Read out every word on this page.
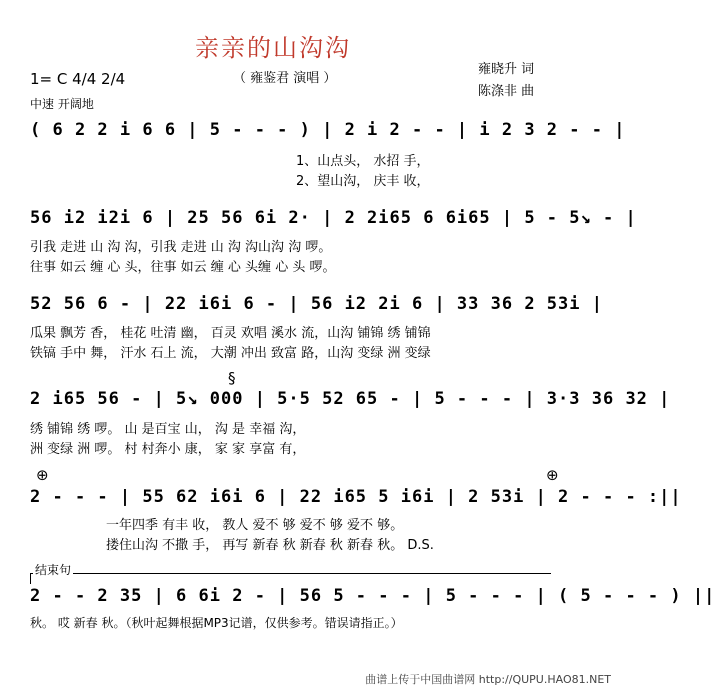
亲亲的山沟沟
（ 雍鉴君 演唱 ）
雍晓升 词
陈涤非 曲
1= C 4/4 2/4
中速 开阔地
( 6 2 2 i 6 6 | 5 - - - ) | 2 i 2 - - | i 2 3 2 - - |
1、山点头， 水招 手，
2、望山沟， 庆丰 收，
56 i2 i2i 6 | 25 56 6i 2· | 2 2i65 6 6i65 | 5 - 5↘ - |
引我 走进 山 沟 沟，引我 走进 山 沟 沟山沟 沟 啰。
往事 如云 缠 心 头，往事 如云 缠 心 头缠 心 头 啰。
52 56 6 - | 22 i6i 6 - | 56 i2 2i 6 | 33 36 2 53i |
瓜果 飘芳 香， 桂花 吐清 幽， 百灵 欢唱 溪水 流，山沟 铺锦 绣 铺锦
铁镐 手中 舞， 汗水 石上 流， 大潮 冲出 致富 路，山沟 变绿 洲 变绿
§
2 i65 56 - | 5↘ 000 | 5·5 52 65 - | 5 - - - | 3·3 36 32 |
绣 铺锦 绣 啰。 山 是百宝 山， 沟 是 幸福 沟，
洲 变绿 洲 啰。 村 村奔小 康， 家 家 享富 有，
⊕	⊕
2 - - - | 55 62 i6i 6 | 22 i65 5 i6i | 2 53i | 2 - - - :||
一年四季 有丰 收， 教人 爱不 够 爱不 够 爱不 够。
搂住山沟 不撒 手， 再写 新春 秋 新春 秋 新春 秋。 D.S.
结束句
2 - - 2 35 | 6 6i 2 - | 56 5 - - - | 5 - - - | ( 5 - - - ) ||
秋。 哎 新春 秋。（秋叶起舞根据MP3记谱，仅供参考。错误请指正。）
曲谱上传于中国曲谱网 http://QUPU.HAO81.NET
